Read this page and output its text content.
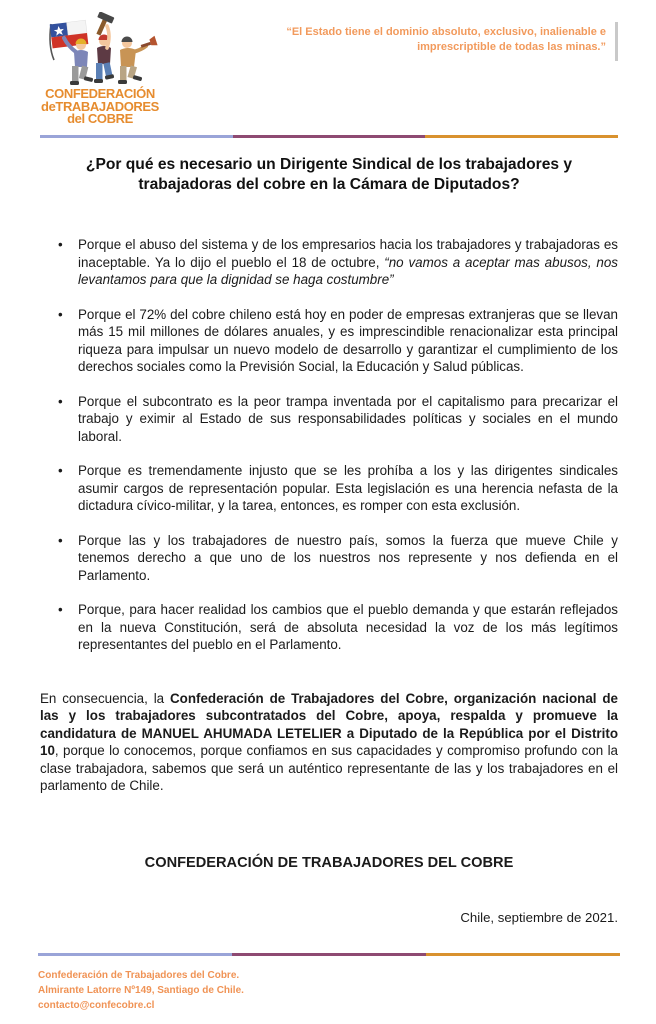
CONFEDERACIÓN
deTRABAJADORES
del COBRE
“El Estado tiene el dominio absoluto, exclusivo, inalienable e imprescriptible de todas las minas.”
¿Por qué es necesario un Dirigente Sindical de los trabajadores y trabajadoras del cobre en la Cámara de Diputados?
• Porque el abuso del sistema y de los empresarios hacia los trabajadores y trabajadoras es inaceptable. Ya lo dijo el pueblo el 18 de octubre, “no vamos a aceptar mas abusos, nos levantamos para que la dignidad se haga costumbre”
• Porque el 72% del cobre chileno está hoy en poder de empresas extranjeras que se llevan más 15 mil millones de dólares anuales, y es imprescindible renacionalizar esta principal riqueza para impulsar un nuevo modelo de desarrollo y garantizar el cumplimiento de los derechos sociales como la Previsión Social, la Educación y Salud públicas.
• Porque el subcontrato es la peor trampa inventada por el capitalismo para precarizar el trabajo y eximir al Estado de sus responsabilidades políticas y sociales en el mundo laboral.
• Porque es tremendamente injusto que se les prohíba a los y las dirigentes sindicales asumir cargos de representación popular. Esta legislación es una herencia nefasta de la dictadura cívico-militar, y la tarea, entonces, es romper con esta exclusión.
• Porque las y los trabajadores de nuestro país, somos la fuerza que mueve Chile y tenemos derecho a que uno de los nuestros nos represente y nos defienda en el Parlamento.
• Porque, para hacer realidad los cambios que el pueblo demanda y que estarán reflejados en la nueva Constitución, será de absoluta necesidad la voz de los más legítimos representantes del pueblo en el Parlamento.

En consecuencia, la Confederación de Trabajadores del Cobre, organización nacional de las y los trabajadores subcontratados del Cobre, apoya, respalda y promueve la candidatura de MANUEL AHUMADA LETELIER a Diputado de la República por el Distrito 10, porque lo conocemos, porque confiamos en sus capacidades y compromiso profundo con la clase trabajadora, sabemos que será un auténtico representante de las y los trabajadores en el parlamento de Chile.

CONFEDERACIÓN DE TRABAJADORES DEL COBRE

Chile, septiembre de 2021.

Confederación de Trabajadores del Cobre.
Almirante Latorre Nº149, Santiago de Chile.
contacto@confecobre.cl
